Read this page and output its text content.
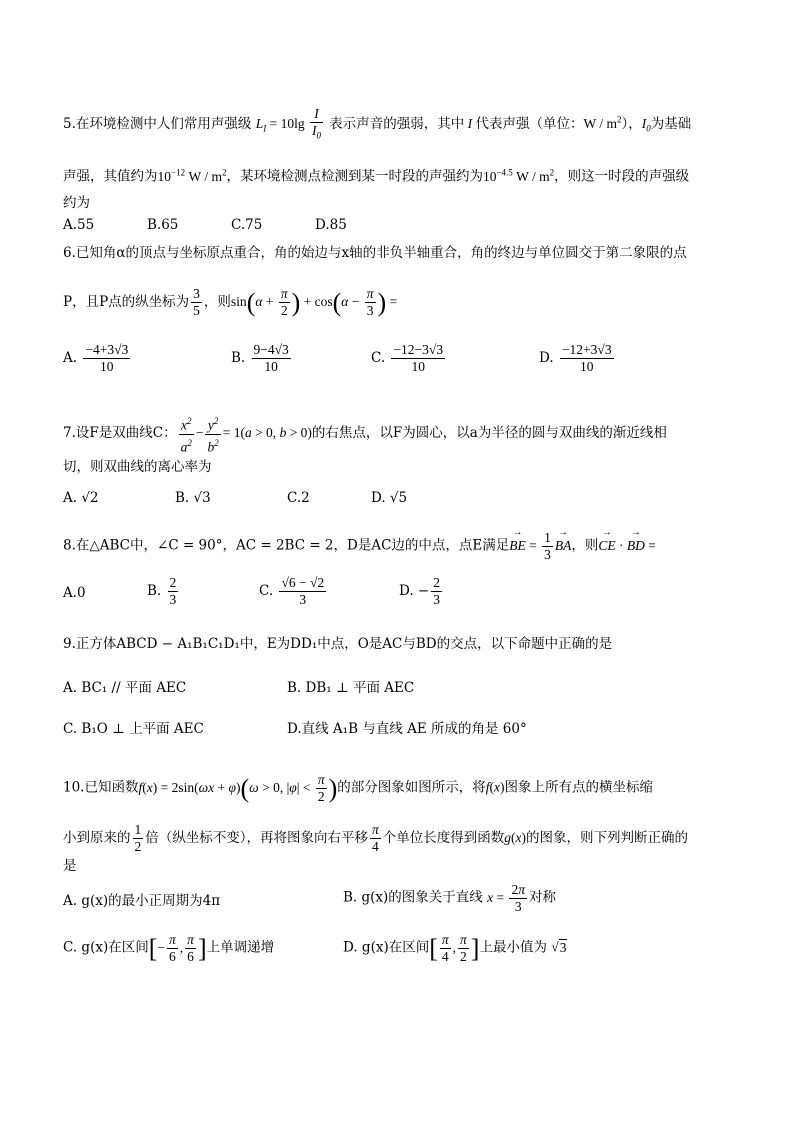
5.在环境检测中人们常用声强级 $L_I = 10\lg \frac{I}{I_0}$ 表示声音的强弱，其中 I 代表声强（单位：W / $m^2$），$I_0$为基础
声强，其值约为$10^{-12}$ W / $m^2$，某环境检测点检测到某一时段的声强约为$10^{-4.5}$ W / $m^2$，则这一时段的声强级
约为
A.55	B.65	C.75	D.85
6.已知角α的顶点与坐标原点重合，角的始边与x轴的非负半轴重合，角的终边与单位圆交于第二象限的点
P，且P点的纵坐标为 $\frac{3}{5}$ ，则$\sin(\alpha + \frac{\pi}{2}$ ) + $\cos(\alpha - \frac{\pi}{3}$ ) =
A. $\frac{-4+3√3}{10}$	B. $\frac{9-4√3}{10}$	C. $\frac{-12-3√3}{10}$	D. $\frac{-12+3√3}{10}$
7.设F是双曲线C： $\frac{x^2}{a^2} - \frac{y^2}{b^2} = 1(a > 0$, b > 0)的右焦点，以F为圆心，以a为半径的圆与双曲线的渐近线相
切，则双曲线的离心率为
A. √2	B. √3	C.2	D. √5
8.在△ABC中，∠C = 90°，AC = 2BC = 2，D是AC边的中点，点E满足→ BE = $\frac{1}{3}$
→ BA，则→ CE · → BD =
A.0	B. $\frac{2}{3}$	C. $\frac{√6 - √2}{3}$	D. − $\frac{2}{3}$
9.正方体ABCD − A₁B₁C₁D₁中，E为DD₁中点，O是AC与BD的交点，以下命题中正确的是
A. BC₁ // 平面 AEC	B. DB₁ ⊥ 平面 AEC
C. B₁O ⊥ 上平面 AEC	D.直线 A₁B 与直线 AE 所成的角是 60°
10.已知函数f(x) = 2sin(ωx + φ)(ω > 0, $|\varphi| < \frac{\pi}{2}$ )的部分图象如图所示，将f(x)图象上所有点的横坐标缩
小到原来的 $\frac{1}{2}$ 倍（纵坐标不变），再将图象向右平移 $\frac{\pi}{4}$ 个单位长度得到函数g(x)的图象，则下列判断正确的
是
A. g(x)的最小正周期为4π	B. g(x)的图象关于直线 $x = \frac{2\pi}{3}$ 对称
C. g(x)在区间[− $\frac{\pi}{6}$ , $\frac{\pi}{6}$ ]上单调递增	D. g(x)在区间[ $\frac{\pi}{4}$ , $\frac{\pi}{2}$ ]上最小值为 √3
